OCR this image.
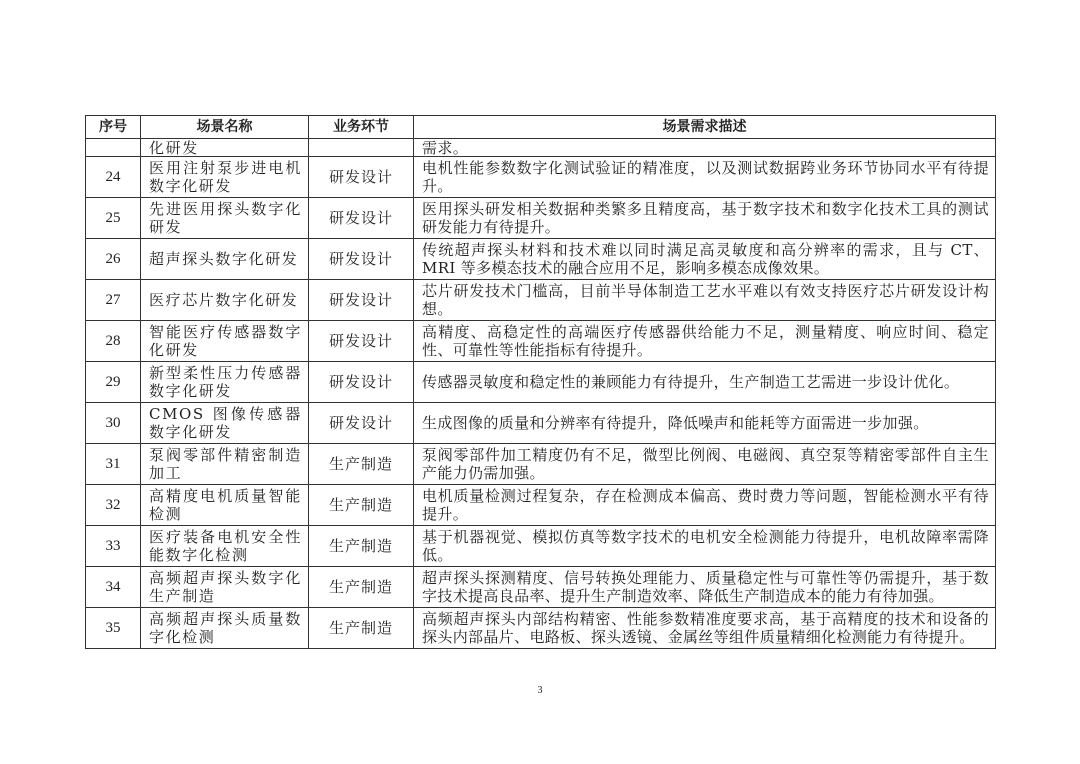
序号	场景名称	业务环节	场景需求描述
	化研发		需求。
24	医用注射泵步进电机数字化研发	研发设计	电机性能参数数字化测试验证的精准度，以及测试数据跨业务环节协同水平有待提升。
25	先进医用探头数字化研发	研发设计	医用探头研发相关数据种类繁多且精度高，基于数字技术和数字化技术工具的测试研发能力有待提升。
26	超声探头数字化研发	研发设计	传统超声探头材料和技术难以同时满足高灵敏度和高分辨率的需求，且与 CT、MRI 等多模态技术的融合应用不足，影响多模态成像效果。
27	医疗芯片数字化研发	研发设计	芯片研发技术门槛高，目前半导体制造工艺水平难以有效支持医疗芯片研发设计构想。
28	智能医疗传感器数字化研发	研发设计	高精度、高稳定性的高端医疗传感器供给能力不足，测量精度、响应时间、稳定性、可靠性等性能指标有待提升。
29	新型柔性压力传感器数字化研发	研发设计	传感器灵敏度和稳定性的兼顾能力有待提升，生产制造工艺需进一步设计优化。
30	CMOS 图像传感器数字化研发	研发设计	生成图像的质量和分辨率有待提升，降低噪声和能耗等方面需进一步加强。
31	泵阀零部件精密制造加工	生产制造	泵阀零部件加工精度仍有不足，微型比例阀、电磁阀、真空泵等精密零部件自主生产能力仍需加强。
32	高精度电机质量智能检测	生产制造	电机质量检测过程复杂，存在检测成本偏高、费时费力等问题，智能检测水平有待提升。
33	医疗装备电机安全性能数字化检测	生产制造	基于机器视觉、模拟仿真等数字技术的电机安全检测能力待提升，电机故障率需降低。
34	高频超声探头数字化生产制造	生产制造	超声探头探测精度、信号转换处理能力、质量稳定性与可靠性等仍需提升，基于数字技术提高良品率、提升生产制造效率、降低生产制造成本的能力有待加强。
35	高频超声探头质量数字化检测	生产制造	高频超声探头内部结构精密、性能参数精准度要求高，基于高精度的技术和设备的探头内部晶片、电路板、探头透镜、金属丝等组件质量精细化检测能力有待提升。
3
